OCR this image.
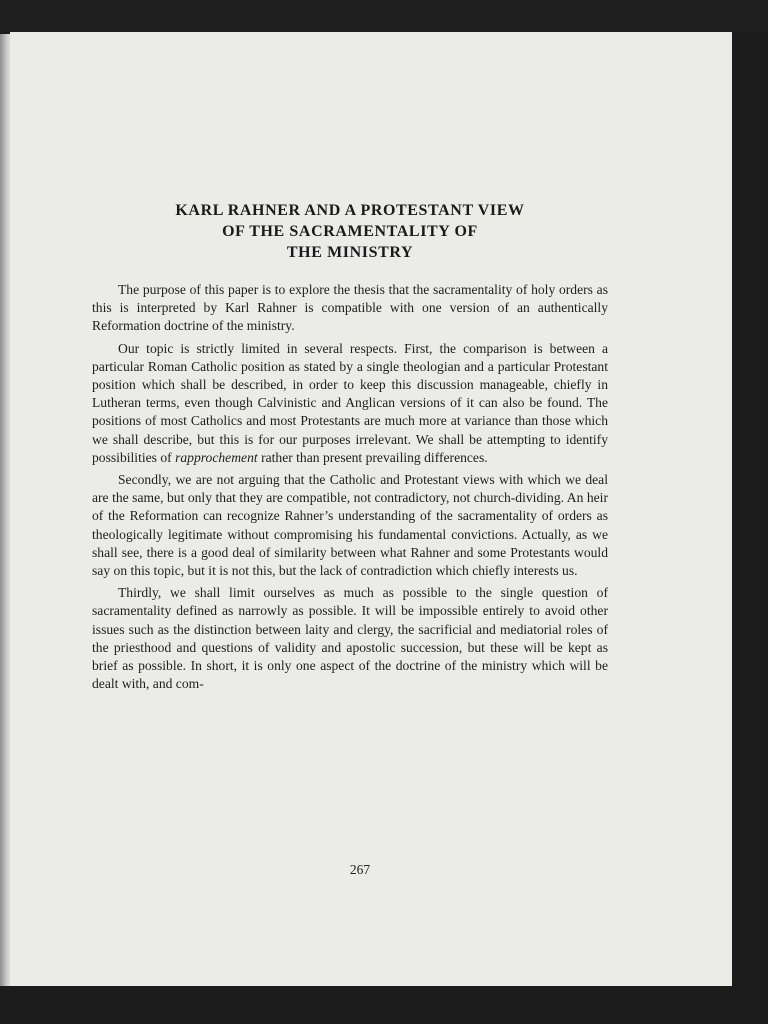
KARL RAHNER AND A PROTESTANT VIEW
OF THE SACRAMENTALITY OF
THE MINISTRY

The purpose of this paper is to explore the thesis that the sacramentality of holy orders as this is interpreted by Karl Rahner is compatible with one version of an authentically Reformation doctrine of the ministry.

Our topic is strictly limited in several respects. First, the comparison is between a particular Roman Catholic position as stated by a single theologian and a particular Protestant position which shall be described, in order to keep this discussion manageable, chiefly in Lutheran terms, even though Calvinistic and Anglican versions of it can also be found. The positions of most Catholics and most Protestants are much more at variance than those which we shall describe, but this is for our purposes irrelevant. We shall be attempting to identify possibilities of rapprochement rather than present prevailing differences.

Secondly, we are not arguing that the Catholic and Protestant views with which we deal are the same, but only that they are compatible, not contradictory, not church-dividing. An heir of the Reformation can recognize Rahner’s understanding of the sacramentality of orders as theologically legitimate without compromising his fundamental convictions. Actually, as we shall see, there is a good deal of similarity between what Rahner and some Protestants would say on this topic, but it is not this, but the lack of contradiction which chiefly interests us.

Thirdly, we shall limit ourselves as much as possible to the single question of sacramentality defined as narrowly as possible. It will be impossible entirely to avoid other issues such as the distinction between laity and clergy, the sacrificial and mediatorial roles of the priesthood and questions of validity and apostolic succession, but these will be kept as brief as possible. In short, it is only one aspect of the doctrine of the ministry which will be dealt with, and com-

267
